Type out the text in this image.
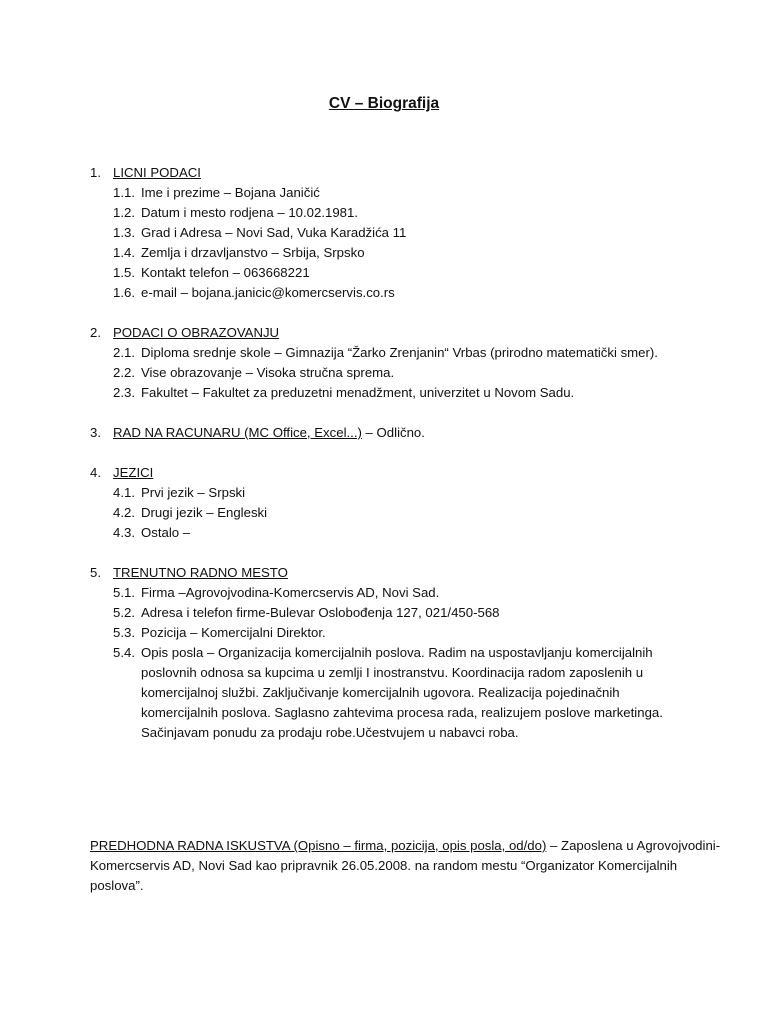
CV – Biografija
1. LICNI PODACI
1.1. Ime i prezime – Bojana Janičić
1.2. Datum i mesto rodjena – 10.02.1981.
1.3. Grad i Adresa – Novi Sad, Vuka Karadžića 11
1.4. Zemlja i drzavljanstvo – Srbija, Srpsko
1.5. Kontakt telefon – 063668221
1.6. e-mail – bojana.janicic@komercservis.co.rs
2. PODACI O OBRAZOVANJU
2.1. Diploma srednje skole – Gimnazija “Žarko Zrenjanin“ Vrbas (prirodno matematički smer).
2.2. Vise obrazovanje – Visoka stručna sprema.
2.3. Fakultet – Fakultet za preduzetni menadžment, univerzitet u Novom Sadu.
3. RAD NA RACUNARU (MC Office, Excel...) – Odlično.
4. JEZICI
4.1. Prvi jezik – Srpski
4.2. Drugi jezik – Engleski
4.3. Ostalo –
5. TRENUTNO RADNO MESTO
5.1. Firma –Agrovojvodina-Komercservis AD, Novi Sad.
5.2. Adresa i telefon firme-Bulevar Oslobođenja 127, 021/450-568
5.3. Pozicija – Komercijalni Direktor.
5.4. Opis posla – Organizacija komercijalnih poslova. Radim na uspostavljanju komercijalnih
poslovnih odnosa sa kupcima u zemlji I inostranstvu. Koordinacija radom zaposlenih u
komercijalnoj službi. Zaključivanje komercijalnih ugovora. Realizacija pojedinačnih
komercijalnih poslova. Saglasno zahtevima procesa rada, realizujem poslove marketinga.
Sačinjavam ponudu za prodaju robe.Učestvujem u nabavci roba.
PREDHODNA RADNA ISKUSTVA (Opisno – firma, pozicija, opis posla, od/do) – Zaposlena u Agrovojvodini-
Komercservis AD, Novi Sad kao pripravnik 26.05.2008. na random mestu “Organizator Komercijalnih
poslova”.
